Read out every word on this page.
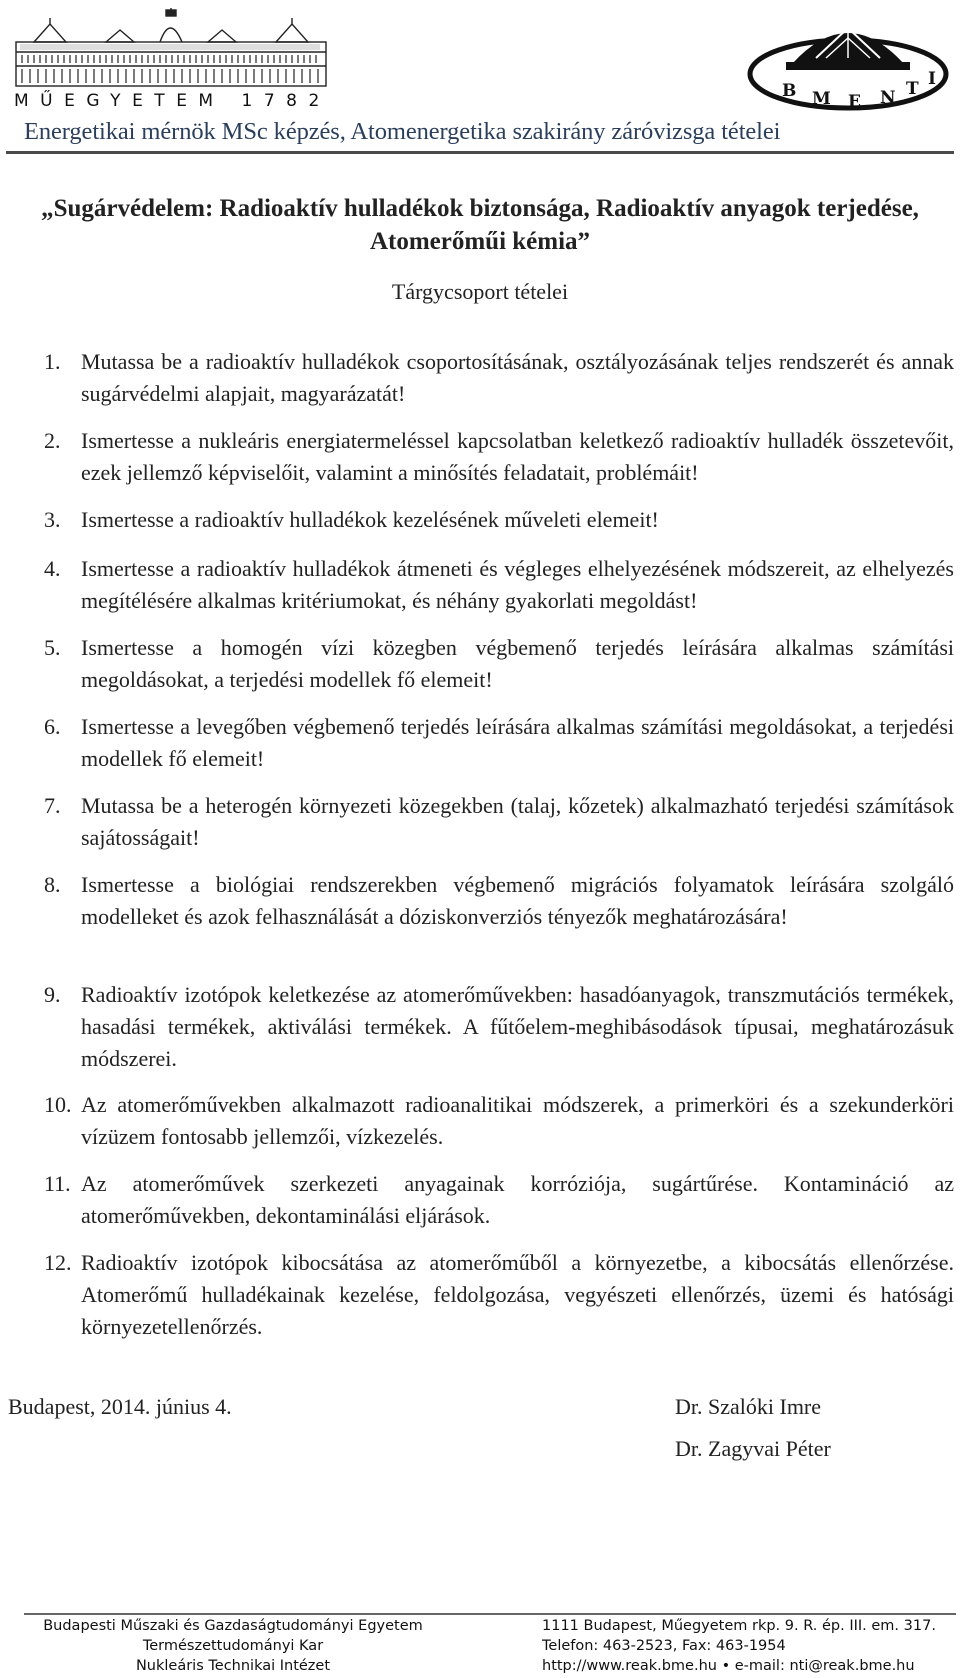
MŰEGYETEM 1782	B M E N T I
Energetikai mérnök MSc képzés, Atomenergetika szakirány záróvizsga tételei
„Sugárvédelem: Radioaktív hulladékok biztonsága, Radioaktív anyagok terjedése, Atomerőműi kémia”
Tárgycsoport tételei
1. Mutassa be a radioaktív hulladékok csoportosításának, osztályozásának teljes rendszerét és annak sugárvédelmi alapjait, magyarázatát!
2. Ismertesse a nukleáris energiatermeléssel kapcsolatban keletkező radioaktív hulladék összetevőit, ezek jellemző képviselőit, valamint a minősítés feladatait, problémáit!
3. Ismertesse a radioaktív hulladékok kezelésének műveleti elemeit!
4. Ismertesse a radioaktív hulladékok átmeneti és végleges elhelyezésének módszereit, az elhelyezés megítélésére alkalmas kritériumokat, és néhány gyakorlati megoldást!
5. Ismertesse a homogén vízi közegben végbemenő terjedés leírására alkalmas számítási megoldásokat, a terjedési modellek fő elemeit!
6. Ismertesse a levegőben végbemenő terjedés leírására alkalmas számítási megoldásokat, a terjedési modellek fő elemeit!
7. Mutassa be a heterogén környezeti közegekben (talaj, kőzetek) alkalmazható terjedési számítások sajátosságait!
8. Ismertesse a biológiai rendszerekben végbemenő migrációs folyamatok leírására szolgáló modelleket és azok felhasználását a dóziskonverziós tényezők meghatározására!
9. Radioaktív izotópok keletkezése az atomerőművekben: hasadóanyagok, transzmutációs termékek, hasadási termékek, aktiválási termékek. A fűtőelem-meghibásodások típusai, meghatározásuk módszerei.
10. Az atomerőművekben alkalmazott radioanalitikai módszerek, a primerköri és a szekunderköri vízüzem fontosabb jellemzői, vízkezelés.
11. Az atomerőművek szerkezeti anyagainak korróziója, sugártűrése. Kontamináció az atomerőművekben, dekontaminálási eljárások.
12. Radioaktív izotópok kibocsátása az atomerőműből a környezetbe, a kibocsátás ellenőrzése. Atomerőmű hulladékainak kezelése, feldolgozása, vegyészeti ellenőrzés, üzemi és hatósági környezetellenőrzés.
Budapest, 2014. június 4.	Dr. Szalóki Imre
Dr. Zagyvai Péter
Budapesti Műszaki és Gazdaságtudományi Egyetem
Természettudományi Kar
Nukleáris Technikai Intézet
1111 Budapest, Műegyetem rkp. 9. R. ép. III. em. 317.
Telefon: 463-2523, Fax: 463-1954
http://www.reak.bme.hu • e-mail: nti@reak.bme.hu
